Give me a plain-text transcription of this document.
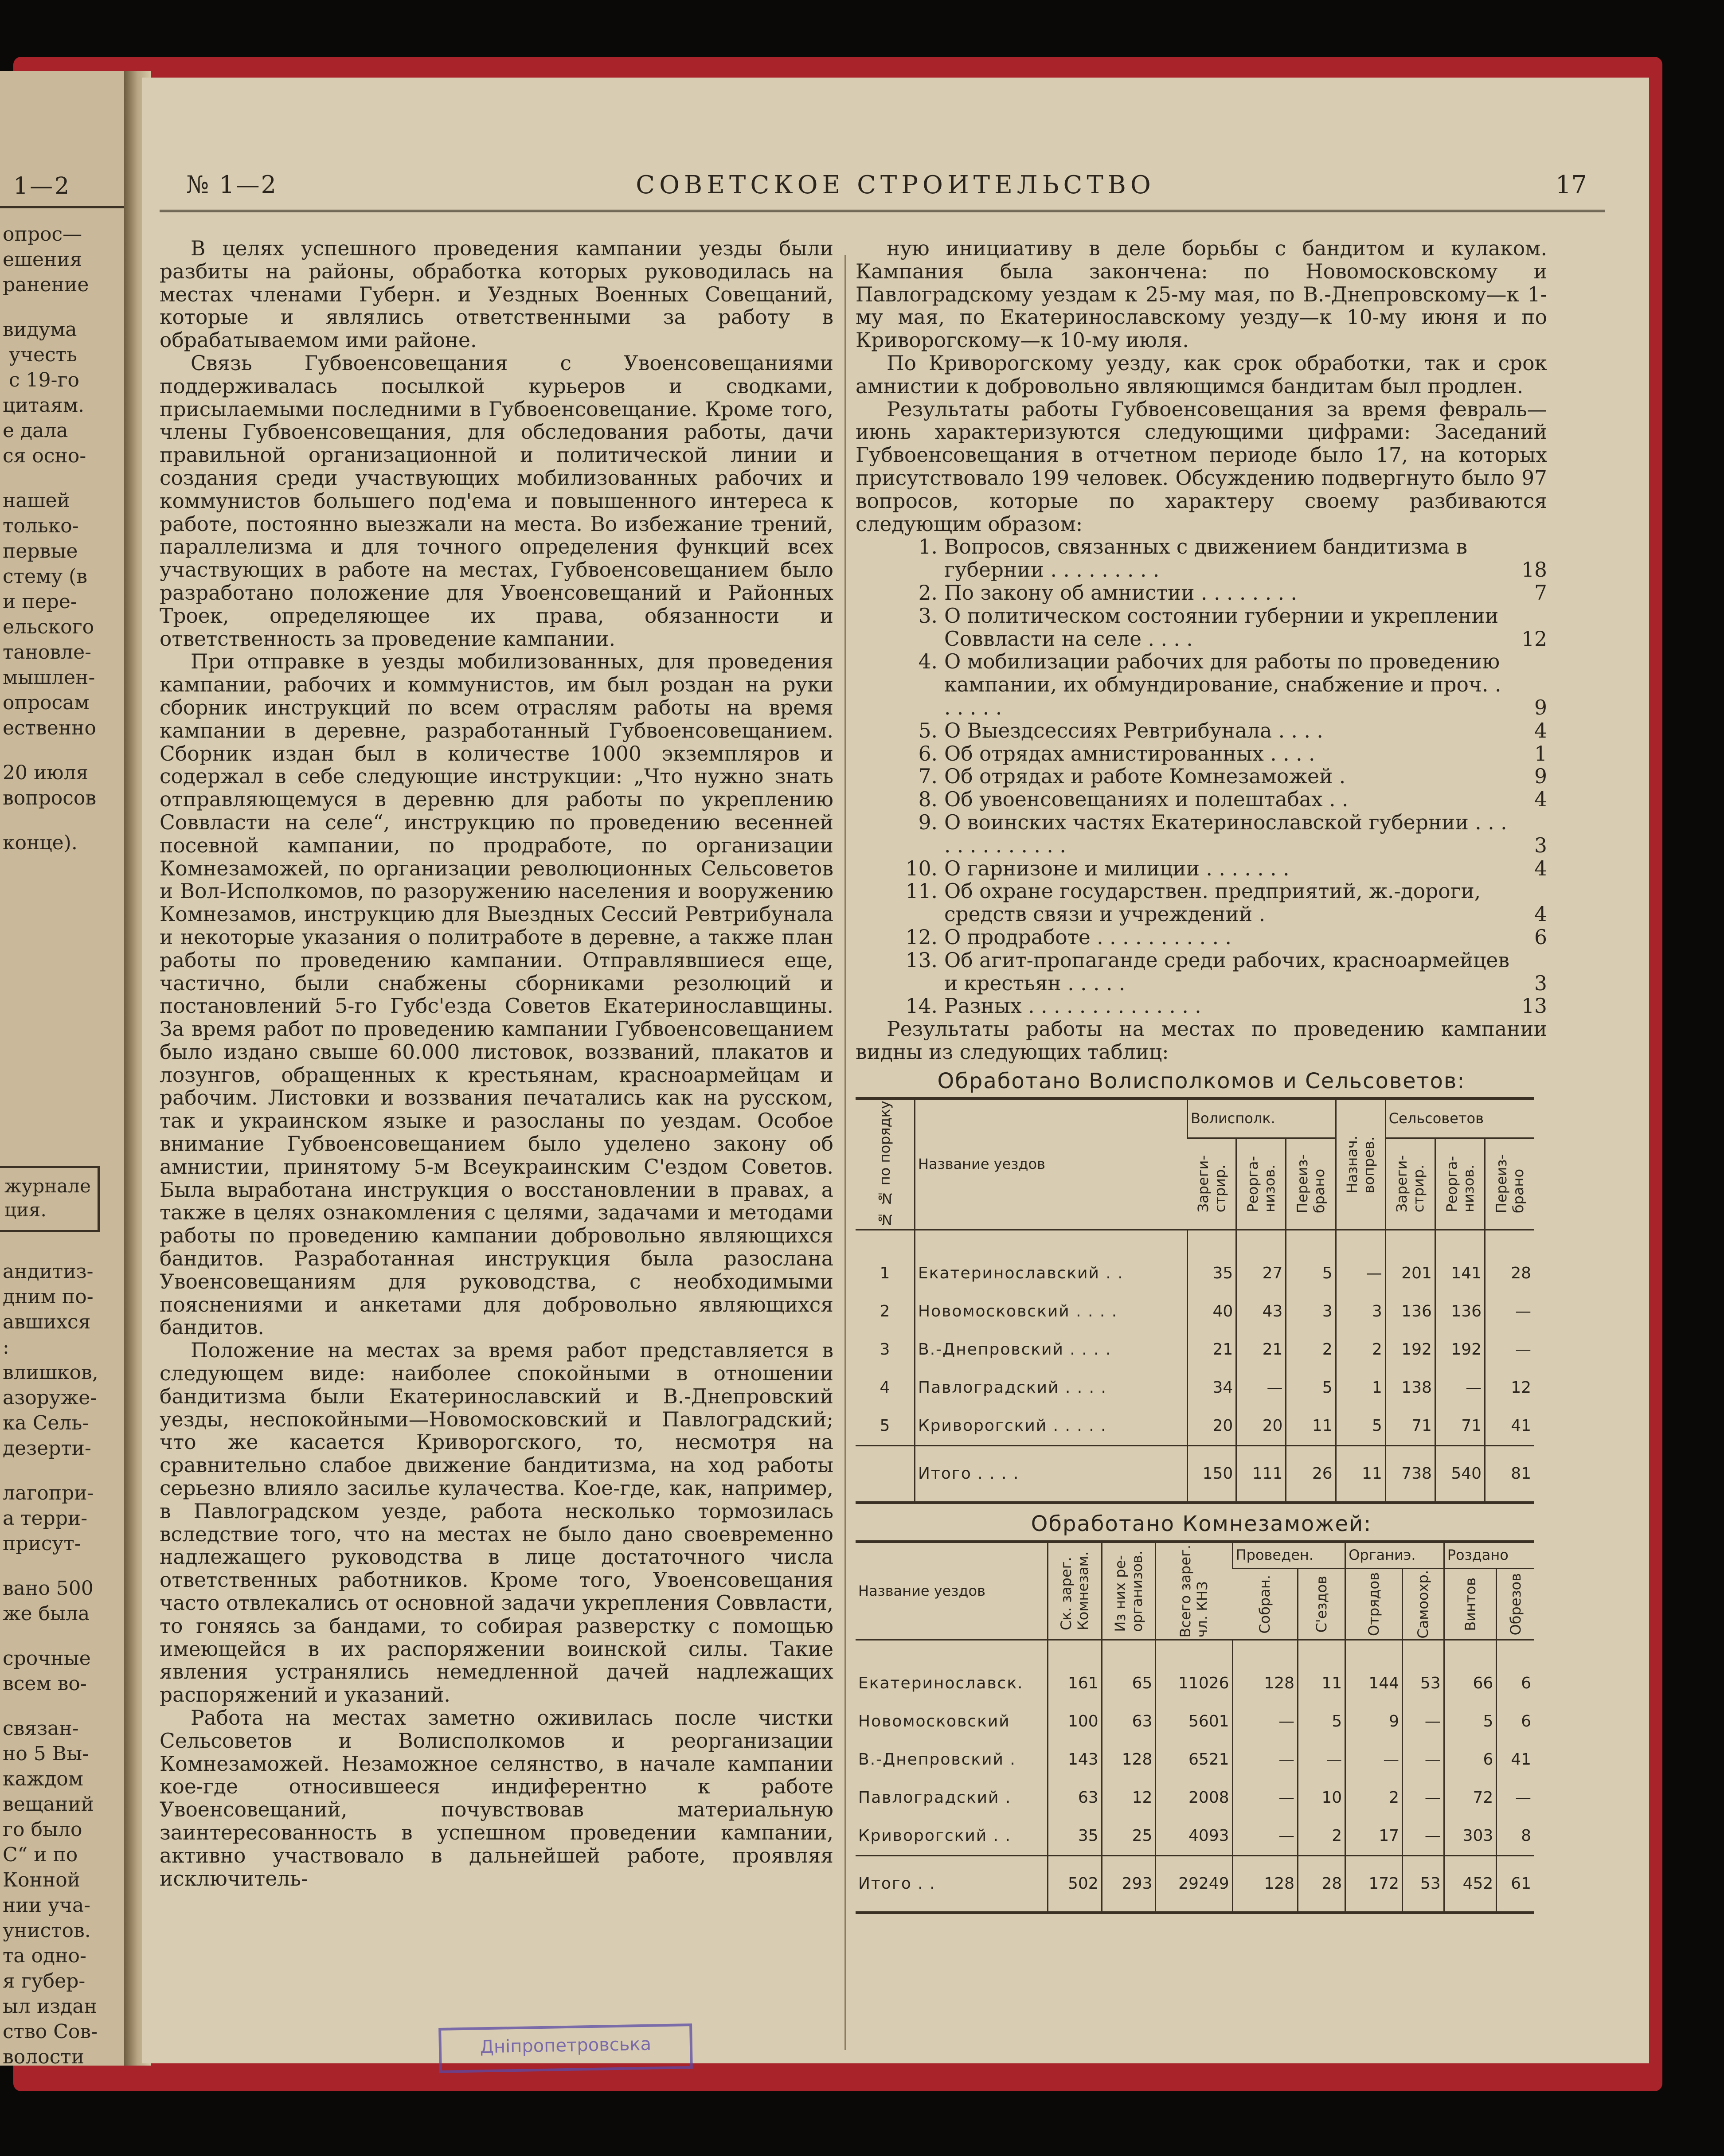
1—2
опрос—
ешения
ранение
видума
учесть
с 19-го
цитаям.
е дала
ся осно-
нашей
только-
первые
стему (в
и пере-
ельского
тановле-
мышлен-
опросам
ественно
20 июля
вопросов
конце).
журнале
ция.
андитиз-
дним по-
авшихся
:
влишков,
азоруже-
ка Сель-
дезерти-
лагопри-
а терри-
присут-
вано 500
же была
срочные
всем во-
связан-
но 5 Вы-
каждом
вещаний
го было
С“ и по
Конной
нии уча-
унистов.
та одно-
я губер-
ыл издан
ство Сов-
волости
№ 1—2	СОВЕТСКОЕ СТРОИТЕЛЬСТВО	17

В целях успешного проведения кампании уезды были разбиты на районы, обработка которых руководилась на местах членами Губерн. и Уездных Военных Совещаний, которые и являлись ответственными за работу в обрабатываемом ими районе.

Связь Губвоенсовещания с Увоенсовещаниями поддерживалась посылкой курьеров и сводками, присылаемыми последними в Губвоенсовещание. Кроме того, члены Губвоенсовещания, для обследования работы, дачи правильной организационной и политической линии и создания среди участвующих мобилизованных рабочих и коммунистов большего под'ема и повышенного интереса к работе, постоянно выезжали на места. Во избежание трений, параллелизма и для точного определения функций всех участвующих в работе на местах, Губвоенсовещанием было разработано положение для Увоенсовещаний и Районных Троек, определяющее их права, обязанности и ответственность за проведение кампании.

При отправке в уезды мобилизованных, для проведения кампании, рабочих и коммунистов, им был роздан на руки сборник инструкций по всем отраслям работы на время кампании в деревне, разработанный Губвоенсовещанием. Сборник издан был в количестве 1000 экземпляров и содержал в себе следующие инструкции: „Что нужно знать отправляющемуся в деревню для работы по укреплению Соввласти на селе“, инструкцию по проведению весенней посевной кампании, по продработе, по организации Комнезаможей, по организации революционных Сельсоветов и Вол-Исполкомов, по разоружению населения и вооружению Комнезамов, инструкцию для Выездных Сессий Ревтрибунала и некоторые указания о политработе в деревне, а также план работы по проведению кампании. Отправлявшиеся еще, частично, были снабжены сборниками резолюций и постановлений 5-го Губс'езда Советов Екатеринославщины. За время работ по проведению кампании Губвоенсовещанием было издано свыше 60.000 листовок, воззваний, плакатов и лозунгов, обращенных к крестьянам, красноармейцам и рабочим. Листовки и воззвания печатались как на русском, так и украинском языке и разосланы по уездам. Особое внимание Губвоенсовещанием было уделено закону об амнистии, принятому 5-м Всеукраинским С'ездом Советов. Была выработана инструкция о восстановлении в правах, а также в целях ознакомления с целями, задачами и методами работы по проведению кампании добровольно являющихся бандитов. Разработанная инструкция была разослана Увоенсовещаниям для руководства, с необходимыми пояснениями и анкетами для добровольно являющихся бандитов.

Положение на местах за время работ представляется в следующем виде: наиболее спокойными в отношении бандитизма были Екатеринославский и В.-Днепровский уезды, неспокойными—Новомосковский и Павлоградский; что же касается Криворогского, то, несмотря на сравнительно слабое движение бандитизма, на ход работы серьезно влияло засилье кулачества. Кое-где, как, например, в Павлоградском уезде, работа несколько тормозилась вследствие того, что на местах не было дано своевременно надлежащего руководства в лице достаточного числа ответственных работников. Кроме того, Увоенсовещания часто отвлекались от основной задачи укрепления Соввласти, то гоняясь за бандами, то собирая разверстку с помощью имеющейся в их распоряжении воинской силы. Такие явления устранялись немедленной дачей надлежащих распоряжений и указаний.

Работа на местах заметно оживилась после чистки Сельсоветов и Волисполкомов и реорганизации Комнезаможей. Незаможное селянство, в начале кампании кое-где относившееся индиферентно к работе Увоенсовещаний, почувствовав материальную заинтересованность в успешном проведении кампании, активно участвовало в дальнейшей работе, проявляя исключитель-

ную инициативу в деле борьбы с бандитом и кулаком. Кампания была закончена: по Новомосковскому и Павлоградскому уездам к 25-му мая, по В.-Днепровскому—к 1-му мая, по Екатеринославскому уезду—к 10-му июня и по Криворогскому—к 10-му июля.

По Криворогскому уезду, как срок обработки, так и срок амнистии к добровольно являющимся бандитам был продлен.

Результаты работы Губвоенсовещания за время февраль—июнь характеризуются следующими цифрами: Заседаний Губвоенсовещания в отчетном периоде было 17, на которых присутствовало 199 человек. Обсуждению подвергнуто было 97 вопросов, которые по характеру своему разбиваются следующим образом:

1. Вопросов, связанных с движением бандитизма в губернии . . . . . . . . .	18
2. По закону об амнистии . . . . . . . .	7
3. О политическом состоянии губернии и укреплении Соввласти на селе . . . .	12
4. О мобилизации рабочих для работы по проведению кампании, их обмундирование, снабжение и проч. . . . . . .	9
5. О Выездсессиях Ревтрибунала . . . .	4
6. Об отрядах амнистированных . . . .	1
7. Об отрядах и работе Комнезаможей .	9
8. Об увоенсовещаниях и полештабах . .	4
9. О воинских частях Екатеринославской губернии . . . . . . . . . . . . .	3
10. О гарнизоне и милиции . . . . . . .	4
11. Об охране государствен. предприятий, ж.-дороги, средств связи и учреждений .	4
12. О продработе . . . . . . . . . . .	6
13. Об агит-пропаганде среди рабочих, красноармейцев и крестьян . . . . .	3
14. Разных . . . . . . . . . . . . . .	13

Результаты работы на местах по проведению кампании видны из следующих таблиц:

Обработано Волисполкомов и Сельсоветов:
№ № по порядку	Название уездов	Волисполк.			Назнач.
вопрев.	Сельсоветов		

		Зареги-
стрир.	Реорга-
низов.	Переиз-
брано		Зареги-
стрир.	Реорга-
низов.	Переиз-
брано

1	Екатеринославский . .	35	27	5	—	201	141	28
2	Новомосковский . . . .	40	43	3	3	136	136	—
3	В.-Днепровский . . . .	21	21	2	2	192	192	—
4	Павлоградский . . . .	34	—	5	1	138	—	12
5	Криворогский . . . . .	20	20	11	5	71	71	41
	Итого . . . .	150	111	26	11	738	540	81
Обработано Комнезаможей:
Название уездов	Ск. зарег.
Комнезам.	Из них ре-
организов.	Всего зарег.
чл. КНЗ	Проведен.		Органиэ.		Роздано	

				Собран.	С'ездов	Отрядов	Самоохр.	Винтов	Обрезов

Екатеринославск.	161	65	11026	128	11	144	53	66	6
Новомосковский	100	63	5601	—	5	9	—	5	6
В.-Днепровский .	143	128	6521	—	—	—	—	6	41
Павлоградский .	63	12	2008	—	10	2	—	72	—
Криворогский . .	35	25	4093	—	2	17	—	303	8
Итого . .	502	293	29249	128	28	172	53	452	61
Дніпропетровська
